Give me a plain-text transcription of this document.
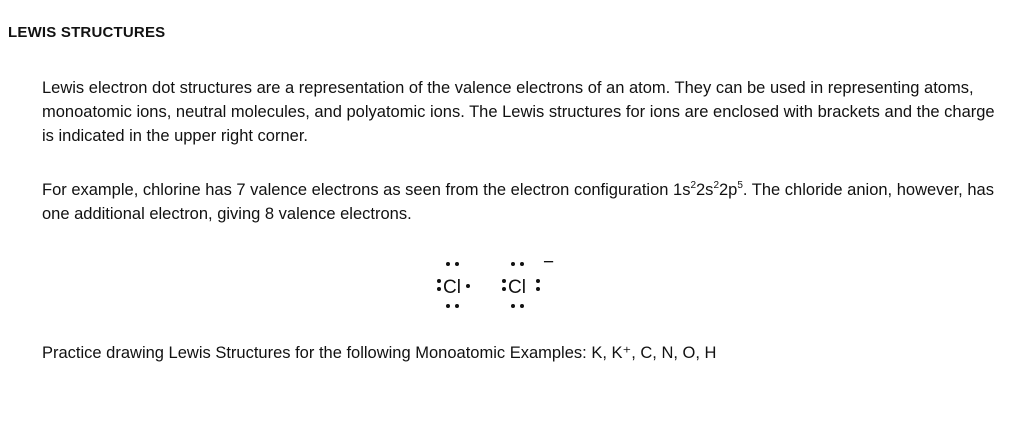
LEWIS STRUCTURES

Lewis electron dot structures are a representation of the valence electrons of an atom. They can be used in representing atoms, monoatomic ions, neutral molecules, and polyatomic ions. The Lewis structures for ions are enclosed with brackets and the charge is indicated in the upper right corner.

For example, chlorine has 7 valence electrons as seen from the electron configuration $1s^22s^22p^5$. The chloride anion, however, has one additional electron, giving 8 valence electrons.

Cl Cl
−

Practice drawing Lewis Structures for the following Monoatomic Examples: K, K⁺, C, N, O, H
